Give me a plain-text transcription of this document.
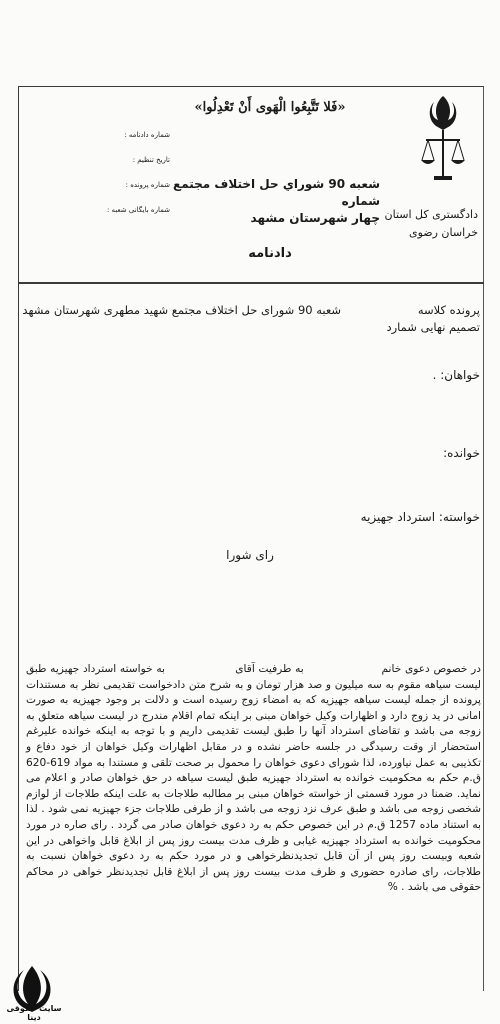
«فَلا تَتَّبِعُوا الْهَوى أَنْ تَعْدِلُوا»
دادگستری کل استان
خراسان رضوی
شعبه 90 شوراي حل اختلاف مجتمع شماره
چهار شهرستان مشهد
دادنامه
شماره دادنامه :
تاریخ تنظیم :
شماره پرونده :
شماره بایگانی شعبه :
پرونده کلاسه                     شعبه 90 شورای حل اختلاف مجتمع شهید مطهری شهرستان مشهد
تصمیم نهایی شمارد
خواهان: .
خوانده:
خواسته: استرداد جهیزیه
رای شورا

در خصوص دعوی خانم                     به طرفیت آقای                   به خواسته استرداد جهیزیه طبق لیست سیاهه مقوم به سه میلیون و صد هزار تومان و به شرح متن دادخواست تقدیمی نظر به مستندات پرونده از جمله لیست سیاهه جهیزیه که به امضاء زوج رسیده است و دلالت بر وجود جهیزیه به صورت امانی در ید زوج دارد و اظهارات وکیل خواهان مبنی بر اینکه تمام اقلام مندرج در لیست سیاهه متعلق به زوجه می باشد و تقاضای استرداد آنها را طبق لیست تقدیمی داریم و با توجه به اینکه خوانده علیرغم استحضار از وقت رسیدگی در جلسه حاضر نشده و در مقابل اظهارات وکیل خواهان از خود دفاع و تکذیبی به عمل نیاورده، لذا شورای دعوی خواهان را محمول بر صحت تلقی و مستندا به مواد 619-620 ق.م حکم به محکومیت خوانده به استرداد جهیزیه طبق لیست سیاهه در حق خواهان صادر و اعلام می نماید. ضمنا در مورد قسمتی از خواسته خواهان مبنی بر مطالبه طلاجات به علت اینکه طلاجات از لوازم شخصی زوجه می باشد و طبق عرف نزد زوجه می باشد و از طرفی طلاجات جزء جهیزیه نمی شود . لذا به استناد ماده 1257 ق.م در این خصوص حکم به رد دعوی خواهان صادر می گردد . رای صاره در مورد محکومیت خوانده به استرداد جهیزیه غیابی و ظرف مدت بیست روز پس از ابلاغ قابل واخواهی در این شعبه وبیست روز پس از آن قابل تجدیدنظرخواهی و در مورد حکم به رد دعوی خواهان نسبت به طلاجات، رای صادره حضوری و ظرف مدت بیست روز پس از ابلاغ قابل تجدیدنظر خواهی در محاکم حقوقی می باشد . %

سایت حقوقی دینا
